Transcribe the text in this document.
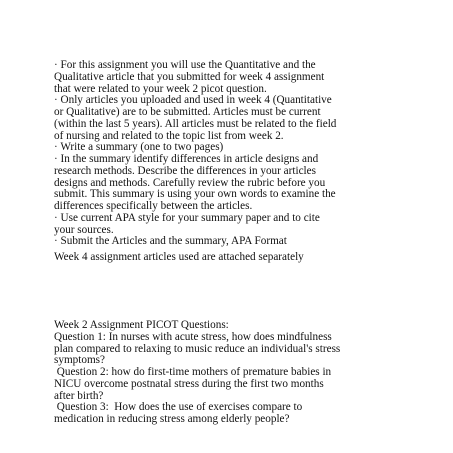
· For this assignment you will use the Quantitative and the
Qualitative article that you submitted for week 4 assignment
that were related to your week 2 picot question.
· Only articles you uploaded and used in week 4 (Quantitative
or Qualitative) are to be submitted. Articles must be current
(within the last 5 years). All articles must be related to the field
of nursing and related to the topic list from week 2.
· Write a summary (one to two pages)
· In the summary identify differences in article designs and
research methods. Describe the differences in your articles
designs and methods. Carefully review the rubric before you
submit. This summary is using your own words to examine the
differences specifically between the articles.
· Use current APA style for your summary paper and to cite
your sources.
· Submit the Articles and the summary, APA Format
Week 4 assignment articles used are attached separately
Week 2 Assignment PICOT Questions:
Question 1: In nurses with acute stress, how does mindfulness
plan compared to relaxing to music reduce an individual's stress
symptoms?
Question 2: how do first-time mothers of premature babies in
NICU overcome postnatal stress during the first two months
after birth?
Question 3:  How does the use of exercises compare to
medication in reducing stress among elderly people?
